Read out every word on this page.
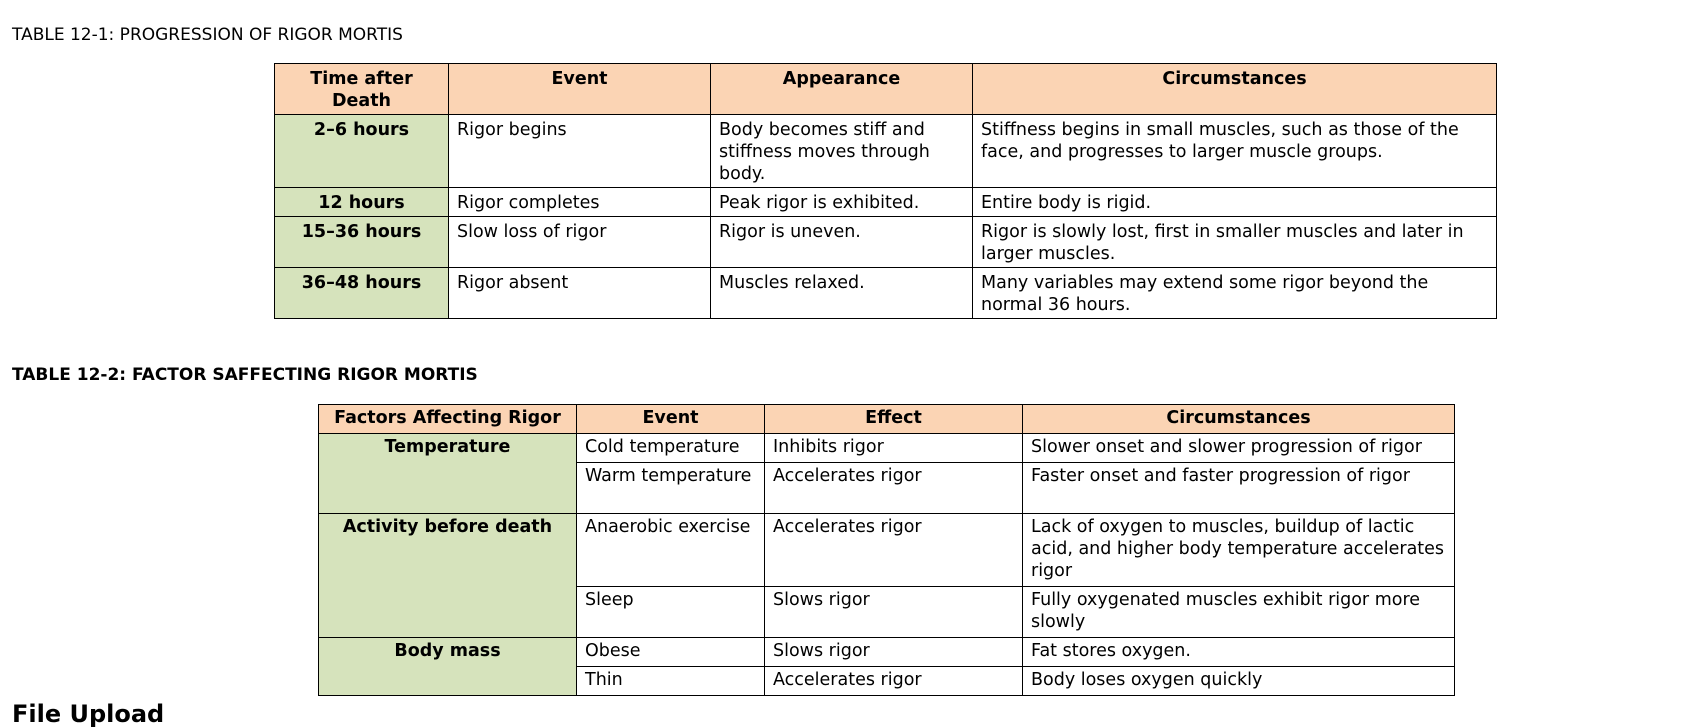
TABLE 12-1: PROGRESSION OF RIGOR MORTIS
Time after Death	Event	Appearance	Circumstances
2–6 hours	Rigor begins	Body becomes stiff and stiffness moves through body.	Stiffness begins in small muscles, such as those of the face, and progresses to larger muscle groups.
12 hours	Rigor completes	Peak rigor is exhibited.	Entire body is rigid.
15–36 hours	Slow loss of rigor	Rigor is uneven.	Rigor is slowly lost, first in smaller muscles and later in larger muscles.
36–48 hours	Rigor absent	Muscles relaxed.	Many variables may extend some rigor beyond the normal 36 hours.
TABLE 12-2: FACTOR SAFFECTING RIGOR MORTIS
Factors Affecting Rigor	Event	Effect	Circumstances
Temperature	Cold temperature	Inhibits rigor	Slower onset and slower progression of rigor
	Warm temperature	Accelerates rigor	Faster onset and faster progression of rigor
Activity before death	Anaerobic exercise	Accelerates rigor	Lack of oxygen to muscles, buildup of lactic acid, and higher body temperature accelerates rigor
	Sleep	Slows rigor	Fully oxygenated muscles exhibit rigor more slowly
Body mass	Obese	Slows rigor	Fat stores oxygen.
	Thin	Accelerates rigor	Body loses oxygen quickly
File Upload
